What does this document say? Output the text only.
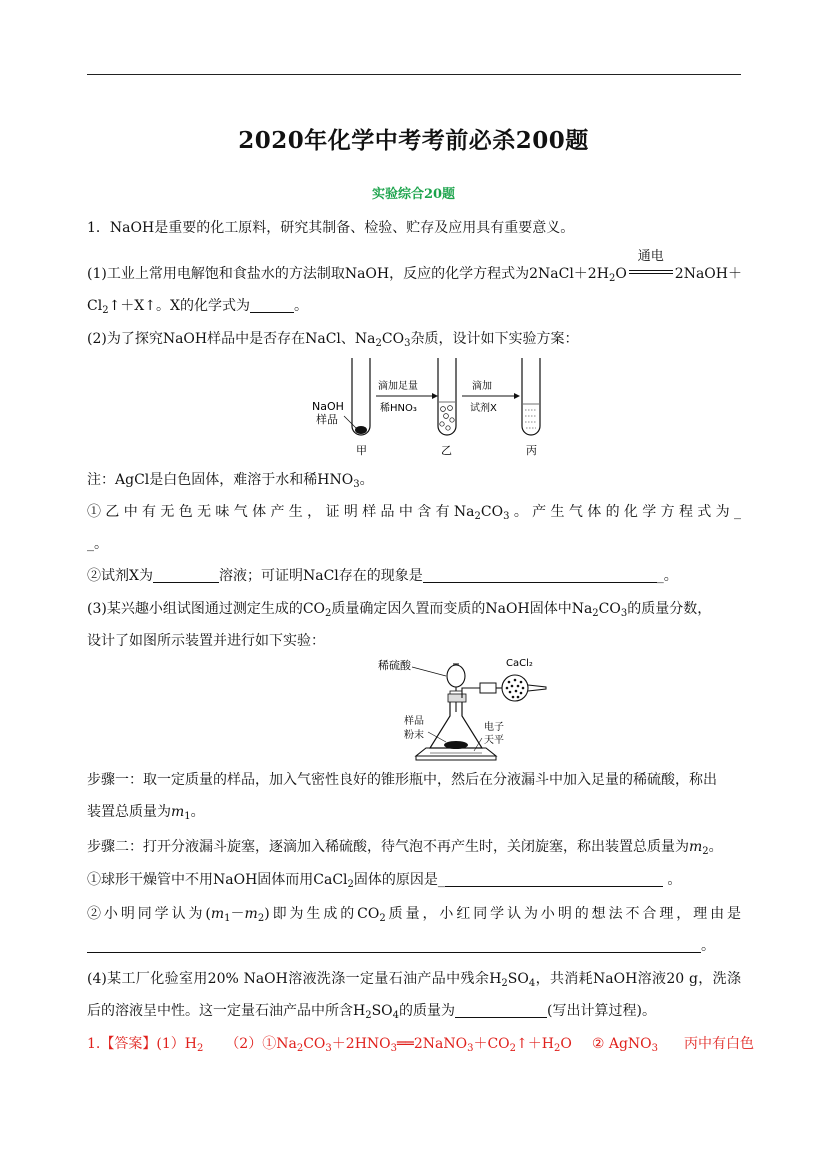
2020年化学中考考前必杀200题
实验综合20题
1．NaOH是重要的化工原料，研究其制备、检验、贮存及应用具有重要意义。
(1)工业上常用电解饱和食盐水的方法制取NaOH，反应的化学方程式为$2NaCl+2H_2O$
通电
2NaOH＋
$Cl_2↑+X↑$。X的化学式为	。
(2)为了探究NaOH样品中是否存在NaCl、$Na_2CO_3$杂质，设计如下实验方案：
NaOH
样品
甲
滴加足量
稀HNO₃
乙
滴加
试剂X
丙
注：AgCl是白色固体，难溶于水和稀$HNO_3$。
①乙中有无色无味气体产生，证明样品中含有$Na_2CO_3$。产生气体的化学方程式为_
_。
②试剂X为	溶液；可证明NaCl存在的现象是	_。
(3)某兴趣小组试图通过测定生成的$CO_2$质量确定因久置而变质的NaOH固体中$Na_2CO_3$的质量分数，
设计了如图所示装置并进行如下实验：
稀硫酸	CaCl₂
样品
粉末
电子
天平
步骤一：取一定质量的样品，加入气密性良好的锥形瓶中，然后在分液漏斗中加入足量的稀硫酸，称出
装置总质量为$m_1$。
步骤二：打开分液漏斗旋塞，逐滴加入稀硫酸，待气泡不再产生时，关闭旋塞，称出装置总质量为$m_2$。
①球形干燥管中不用NaOH固体而用CaCl$_2$固体的原因是_	。
②小明同学认为$(m_1-m_2)$即为生成的$CO_2$质量，小红同学认为小明的想法不合理，理由是
。
(4)某工厂化验室用20% NaOH溶液洗涤一定量石油产品中残余$H_2SO_4$，共消耗NaOH溶液20 g，洗涤
后的溶液呈中性。这一定量石油产品中所含$H_2SO_4$的质量为	(写出计算过程)。
1.【答案】$(1)H_2$ $(2)①Na_2CO_3+2HNO_3══2NaNO_3+CO_2↑+H_2O$ ② AgNO$_3$ 丙中有白色
